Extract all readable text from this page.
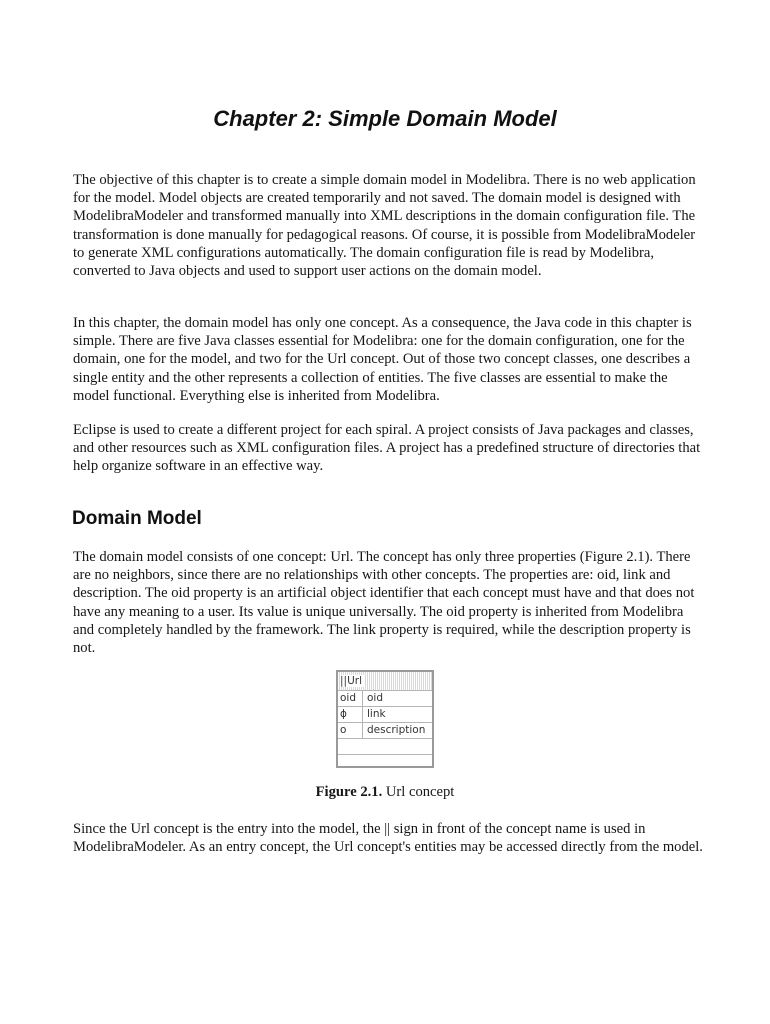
Chapter 2: Simple Domain Model

The objective of this chapter is to create a simple domain model in Modelibra. There is no web application for the model. Model objects are created temporarily and not saved. The domain model is designed with ModelibraModeler and transformed manually into XML descriptions in the domain configuration file. The transformation is done manually for pedagogical reasons. Of course, it is possible from ModelibraModeler to generate XML configurations automatically. The domain configuration file is read by Modelibra, converted to Java objects and used to support user actions on the domain model.

In this chapter, the domain model has only one concept. As a consequence, the Java code in this chapter is simple. There are five Java classes essential for Modelibra: one for the domain configuration, one for the domain, one for the model, and two for the Url concept. Out of those two concept classes, one describes a single entity and the other represents a collection of entities. The five classes are essential to make the model functional. Everything else is inherited from Modelibra.

Eclipse is used to create a different project for each spiral. A project consists of Java packages and classes, and other resources such as XML configuration files. A project has a predefined structure of directories that help organize software in an effective way.

Domain Model

The domain model consists of one concept: Url. The concept has only three properties (Figure 2.1). There are no neighbors, since there are no relationships with other concepts. The properties are: oid, link and description. The oid property is an artificial object identifier that each concept must have and that does not have any meaning to a user. Its value is unique universally. The oid property is inherited from Modelibra and completely handled by the framework. The link property is required, while the description property is not.

||Url
oid	oid
ϕ	link
o	description

Figure 2.1. Url concept

Since the Url concept is the entry into the model, the || sign in front of the concept name is used in ModelibraModeler. As an entry concept, the Url concept's entities may be accessed directly from the model.
